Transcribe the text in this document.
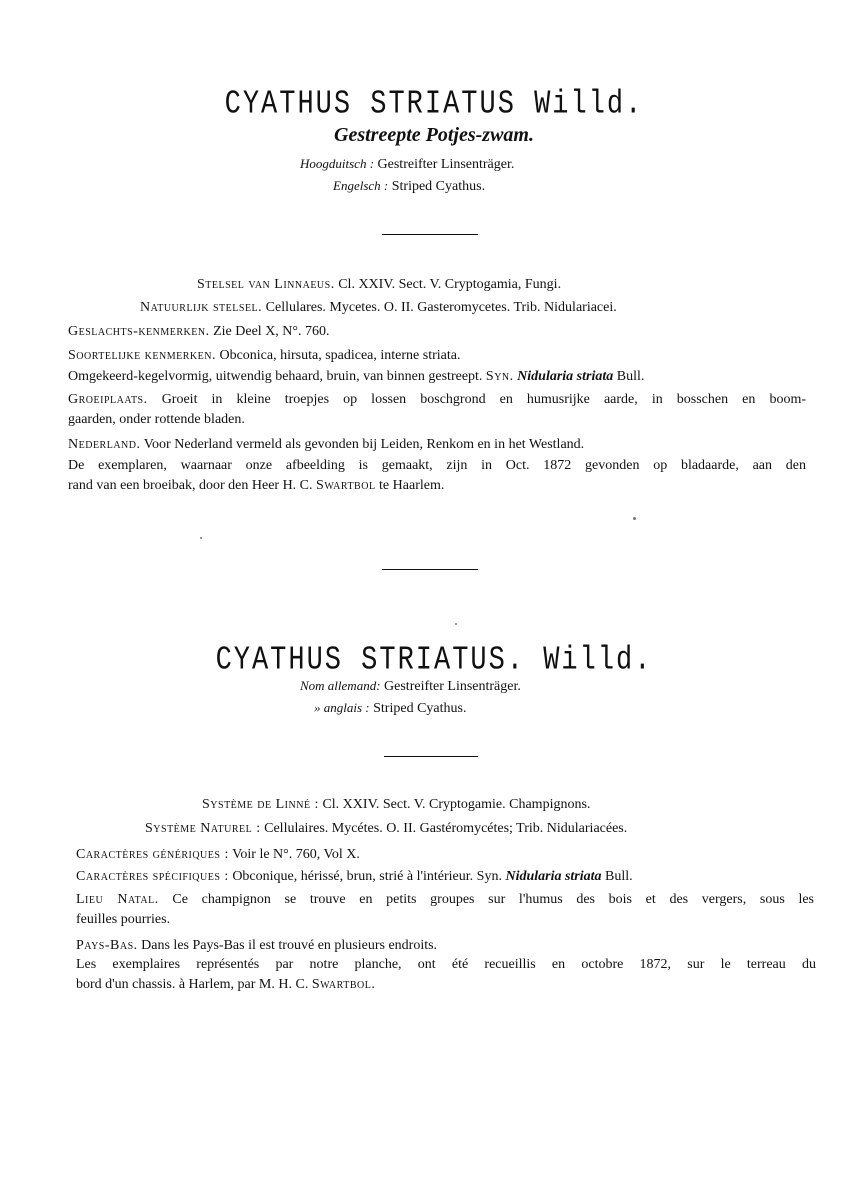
CYATHUS STRIATUS Willd.
Gestreepte Potjes-zwam.
Hoogduitsch : Gestreifter Linsenträger.
Engelsch : Striped Cyathus.
Stelsel van Linnaeus. Cl. XXIV. Sect. V. Cryptogamia, Fungi.
Natuurlijk stelsel. Cellulares. Mycetes. O. II. Gasteromycetes. Trib. Nidulariacei.
Geslachts-kenmerken. Zie Deel X, N°. 760.
Soortelijke kenmerken. Obconica, hirsuta, spadicea, interne striata.
Omgekeerd-kegelvormig, uitwendig behaard, bruin, van binnen gestreept. Syn. Nidularia striata Bull.
Groeiplaats. Groeit in kleine troepjes op lossen boschgrond en humusrijke aarde, in bosschen en boom-
gaarden, onder rottende bladen.
Nederland. Voor Nederland vermeld als gevonden bij Leiden, Renkom en in het Westland.
De exemplaren, waarnaar onze afbeelding is gemaakt, zijn in Oct. 1872 gevonden op bladaarde, aan den
rand van een broeibak, door den Heer H. C. Swartbol te Haarlem.
CYATHUS STRIATUS. Willd.
Nom allemand: Gestreifter Linsenträger.
» anglais : Striped Cyathus.
Système de Linné : Cl. XXIV. Sect. V. Cryptogamie. Champignons.
Système Naturel : Cellulaires. Mycétes. O. II. Gastéromycétes; Trib. Nidulariacées.
Caractères génériques : Voir le N°. 760, Vol X.
Caractères spécifiques : Obconique, hérissé, brun, strié à l'intérieur. Syn. Nidularia striata Bull.
Lieu Natal. Ce champignon se trouve en petits groupes sur l'humus des bois et des vergers, sous les
feuilles pourries.
Pays-Bas. Dans les Pays-Bas il est trouvé en plusieurs endroits.
Les exemplaires représentés par notre planche, ont été recueillis en octobre 1872, sur le terreau du
bord d'un chassis. à Harlem, par M. H. C. Swartbol.
